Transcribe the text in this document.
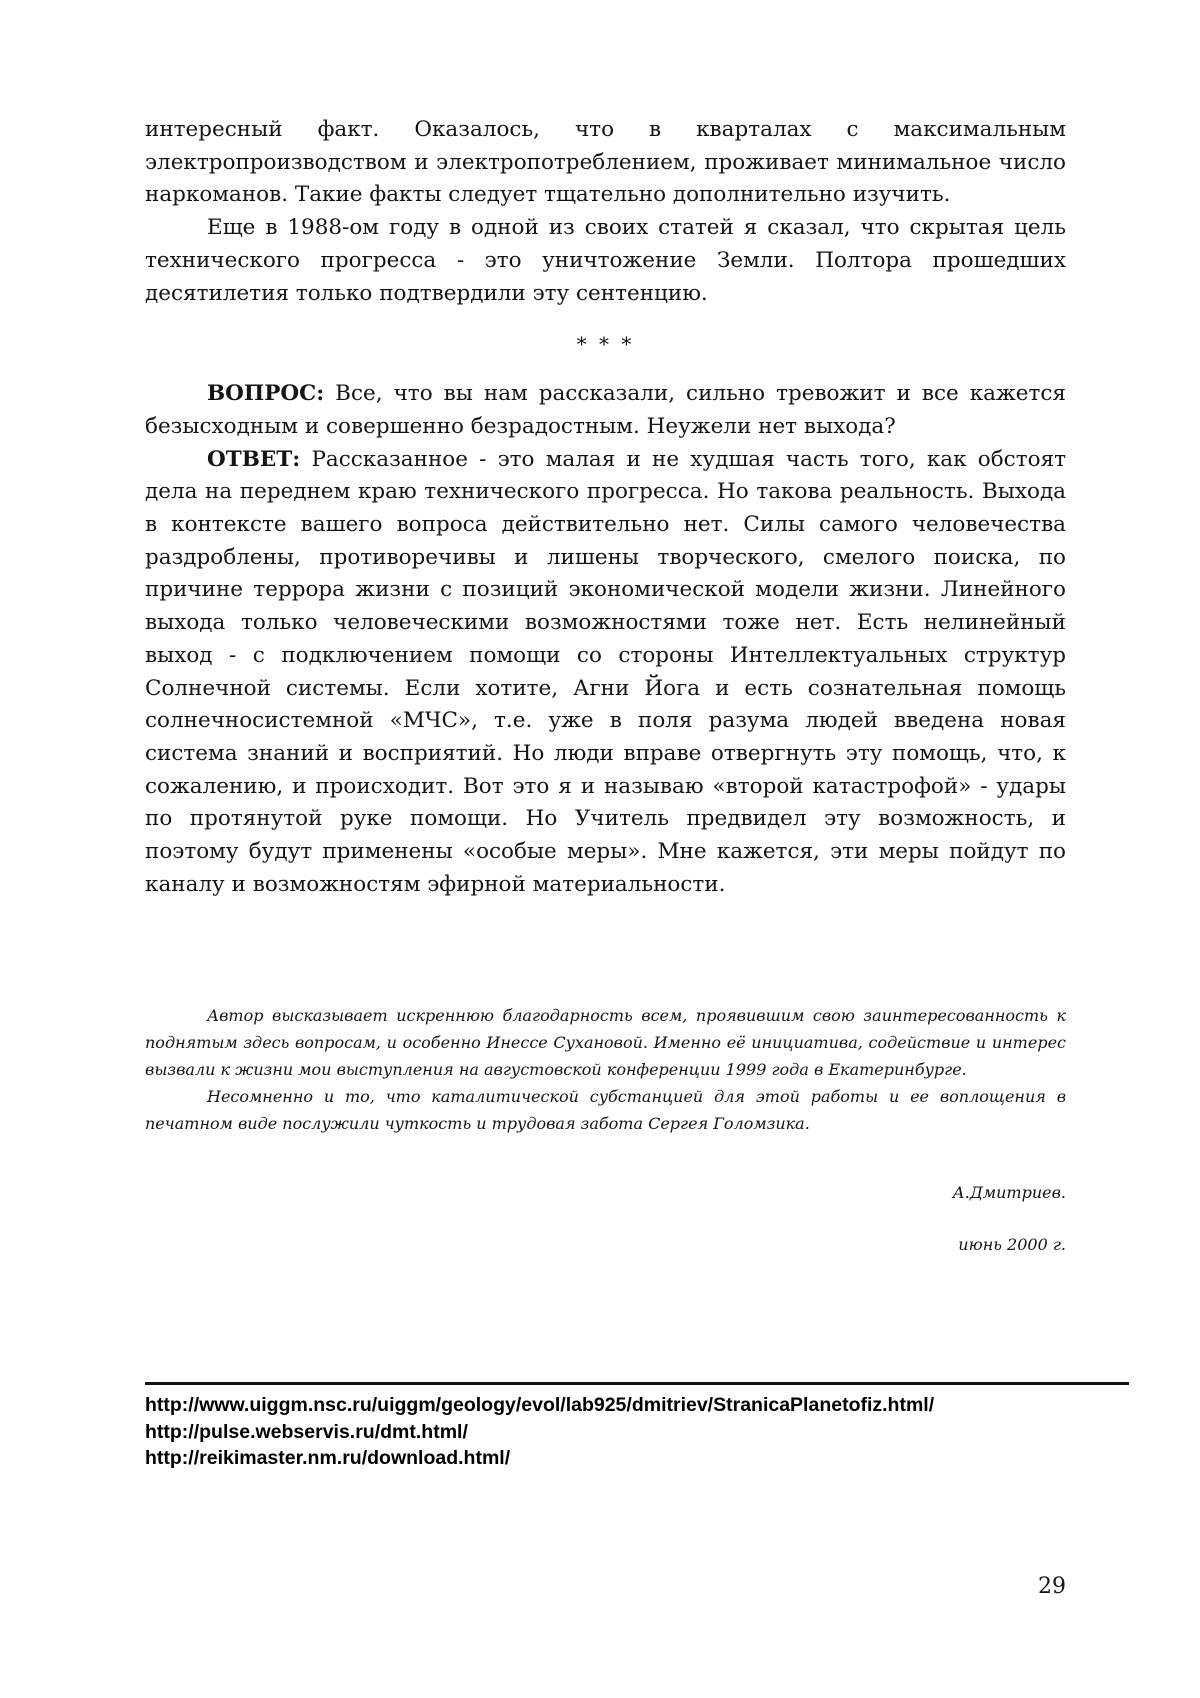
интересный факт. Оказалось, что в кварталах с максимальным электропроизводством и электропотреблением, проживает минимальное число наркоманов. Такие факты следует тщательно дополнительно изучить.

Еще в 1988-ом году в одной из своих статей я сказал, что скрытая цель технического прогресса - это уничтожение Земли. Полтора прошедших десятилетия только подтвердили эту сентенцию.

* * *

ВОПРОС: Все, что вы нам рассказали, сильно тревожит и все кажется безысходным и совершенно безрадостным. Неужели нет выхода?

ОТВЕТ: Рассказанное - это малая и не худшая часть того, как обстоят дела на переднем краю технического прогресса. Но такова реальность. Выхода в контексте вашего вопроса действительно нет. Силы самого человечества раздроблены, противоречивы и лишены творческого, смелого поиска, по причине террора жизни с позиций экономической модели жизни. Линейного выхода только человеческими возможностями тоже нет. Есть нелинейный выход - с подключением помощи со стороны Интеллектуальных структур Солнечной системы. Если хотите, Агни Йога и есть сознательная помощь солнечносистемной «МЧС», т.е. уже в поля разума людей введена новая система знаний и восприятий. Но люди вправе отвергнуть эту помощь, что, к сожалению, и происходит. Вот это я и называю «второй катастрофой» - удары по протянутой руке помощи. Но Учитель предвидел эту возможность, и поэтому будут применены «особые меры». Мне кажется, эти меры пойдут по каналу и возможностям эфирной материальности.

Автор высказывает искреннюю благодарность всем, проявившим свою заинтересованность к поднятым здесь вопросам, и особенно Инессе Сухановой. Именно её инициатива, содействие и интерес вызвали к жизни мои выступления на августовской конференции 1999 года в Екатеринбурге.

Несомненно и то, что каталитической субстанцией для этой работы и ее воплощения в печатном виде послужили чуткость и трудовая забота Сергея Голомзика.

А.Дмитриев.
июнь 2000 г.
http://www.uiggm.nsc.ru/uiggm/geology/evol/lab925/dmitriev/StranicaPlanetofiz.html/
http://pulse.webservis.ru/dmt.html/
http://reikimaster.nm.ru/download.html/
29
